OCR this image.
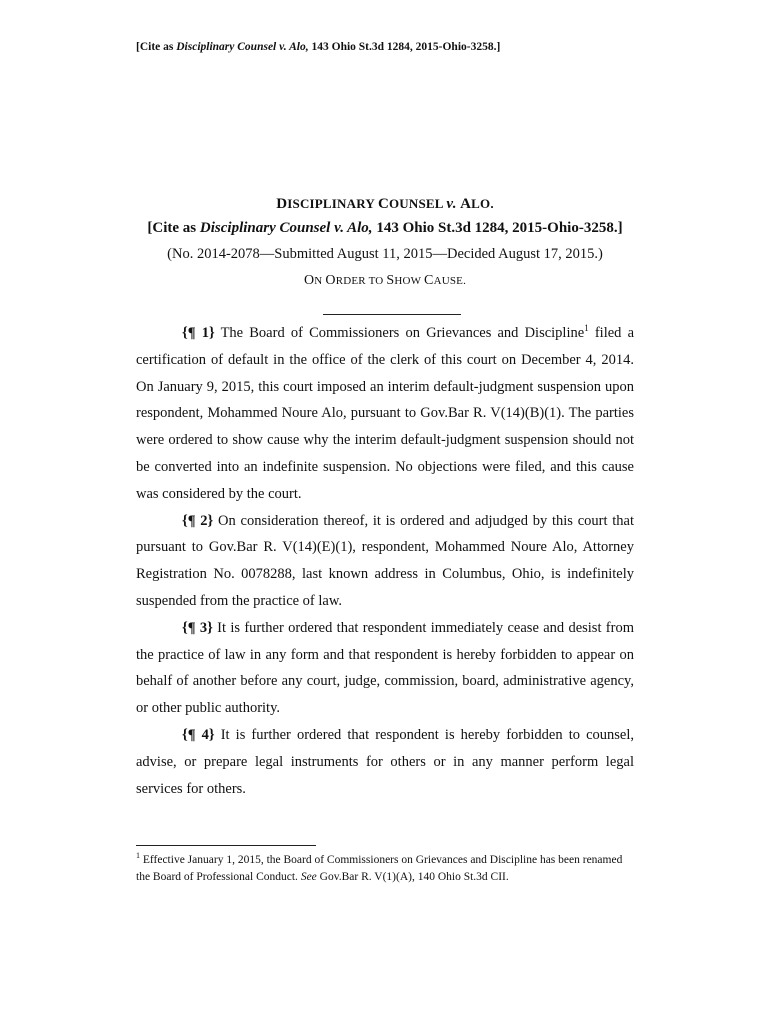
[Cite as Disciplinary Counsel v. Alo, 143 Ohio St.3d 1284, 2015-Ohio-3258.]
DISCIPLINARY COUNSEL v. ALO.
[Cite as Disciplinary Counsel v. Alo, 143 Ohio St.3d 1284, 2015-Ohio-3258.]
(No. 2014-2078—Submitted August 11, 2015—Decided August 17, 2015.)
ON ORDER TO SHOW CAUSE.

{¶ 1} The Board of Commissioners on Grievances and Discipline$^1$ filed a certification of default in the office of the clerk of this court on December 4, 2014. On January 9, 2015, this court imposed an interim default-judgment suspension upon respondent, Mohammed Noure Alo, pursuant to Gov.Bar R. V(14)(B)(1). The parties were ordered to show cause why the interim default-judgment suspension should not be converted into an indefinite suspension. No objections were filed, and this cause was considered by the court.

{¶ 2} On consideration thereof, it is ordered and adjudged by this court that pursuant to Gov.Bar R. V(14)(E)(1), respondent, Mohammed Noure Alo, Attorney Registration No. 0078288, last known address in Columbus, Ohio, is indefinitely suspended from the practice of law.

{¶ 3} It is further ordered that respondent immediately cease and desist from the practice of law in any form and that respondent is hereby forbidden to appear on behalf of another before any court, judge, commission, board, administrative agency, or other public authority.

{¶ 4} It is further ordered that respondent is hereby forbidden to counsel, advise, or prepare legal instruments for others or in any manner perform legal services for others.

$^1$ Effective January 1, 2015, the Board of Commissioners on Grievances and Discipline has been renamed the Board of Professional Conduct. See Gov.Bar R. V(1)(A), 140 Ohio St.3d CII.
